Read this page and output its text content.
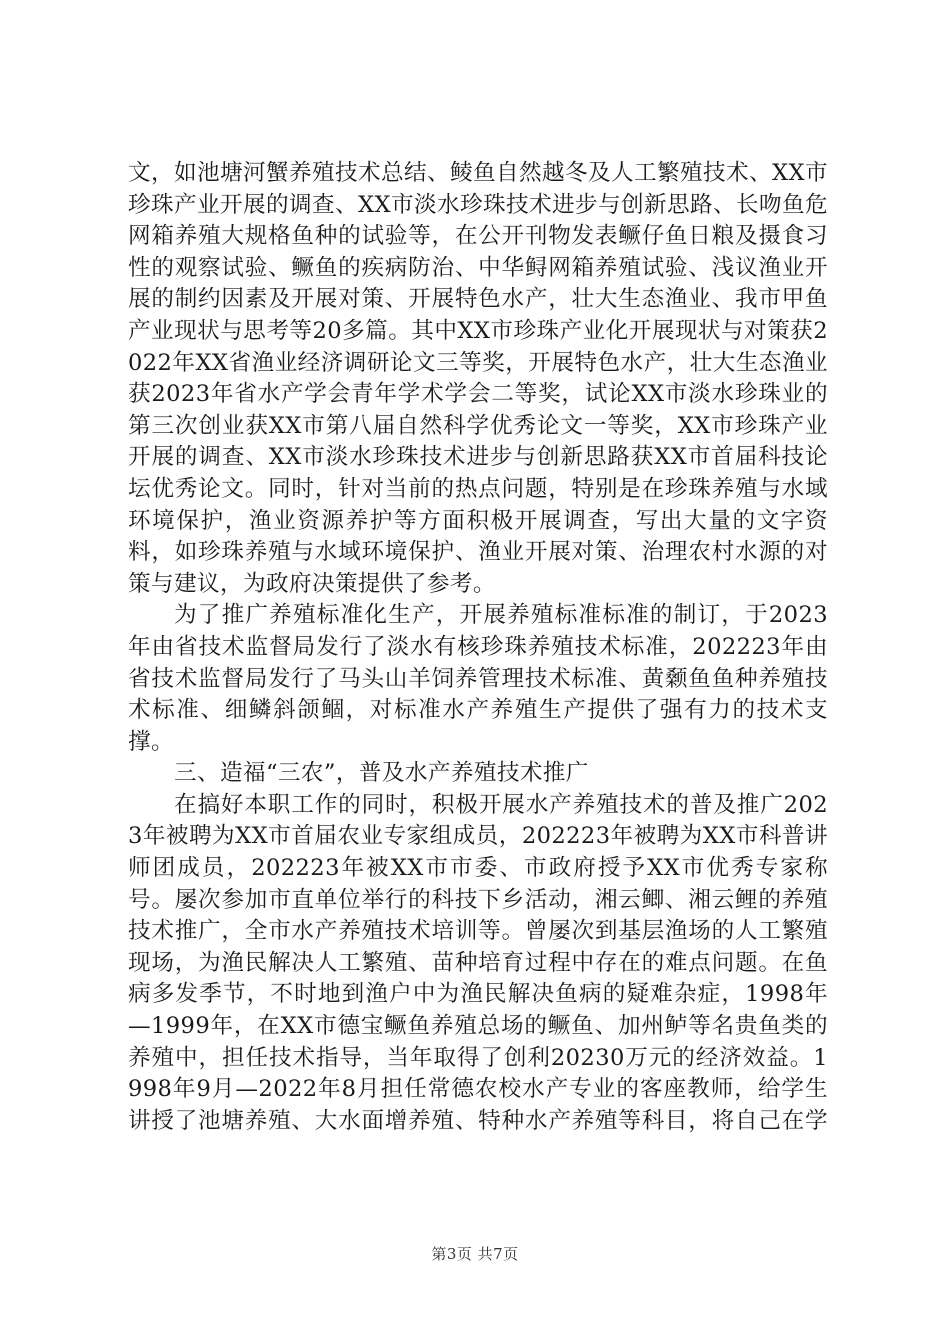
文，如池塘河蟹养殖技术总结、鲮鱼自然越冬及人工繁殖技术、XX市珍珠产业开展的调查、XX市淡水珍珠技术进步与创新思路、长吻鱼危网箱养殖大规格鱼种的试验等，在公开刊物发表鳜仔鱼日粮及摄食习性的观察试验、鳜鱼的疾病防治、中华鲟网箱养殖试验、浅议渔业开展的制约因素及开展对策、开展特色水产，壮大生态渔业、我市甲鱼产业现状与思考等20多篇。其中XX市珍珠产业化开展现状与对策获2022年XX省渔业经济调研论文三等奖，开展特色水产，壮大生态渔业获2023年省水产学会青年学术学会二等奖，试论XX市淡水珍珠业的第三次创业获XX市第八届自然科学优秀论文一等奖，XX市珍珠产业开展的调查、XX市淡水珍珠技术进步与创新思路获XX市首届科技论坛优秀论文。同时，针对当前的热点问题，特别是在珍珠养殖与水域环境保护，渔业资源养护等方面积极开展调查，写出大量的文字资料，如珍珠养殖与水域环境保护、渔业开展对策、治理农村水源的对策与建议，为政府决策提供了参考。

为了推广养殖标准化生产，开展养殖标准标准的制订，于2023年由省技术监督局发行了淡水有核珍珠养殖技术标准，202223年由省技术监督局发行了马头山羊饲养管理技术标准、黄颡鱼鱼种养殖技术标准、细鳞斜颌鲴，对标准水产养殖生产提供了强有力的技术支撑。

三、造福“三农”，普及水产养殖技术推广

在搞好本职工作的同时，积极开展水产养殖技术的普及推广2023年被聘为XX市首届农业专家组成员，202223年被聘为XX市科普讲师团成员，202223年被XX市市委、市政府授予XX市优秀专家称号。屡次参加市直单位举行的科技下乡活动，湘云鲫、湘云鲤的养殖技术推广，全市水产养殖技术培训等。曾屡次到基层渔场的人工繁殖现场，为渔民解决人工繁殖、苗种培育过程中存在的难点问题。在鱼病多发季节，不时地到渔户中为渔民解决鱼病的疑难杂症，1998年—1999年，在XX市德宝鳜鱼养殖总场的鳜鱼、加州鲈等名贵鱼类的养殖中，担任技术指导，当年取得了创利20230万元的经济效益。1998年9月—2022年8月担任常德农校水产专业的客座教师，给学生讲授了池塘养殖、大水面增养殖、特种水产养殖等科目，将自己在学

第3页 共7页
